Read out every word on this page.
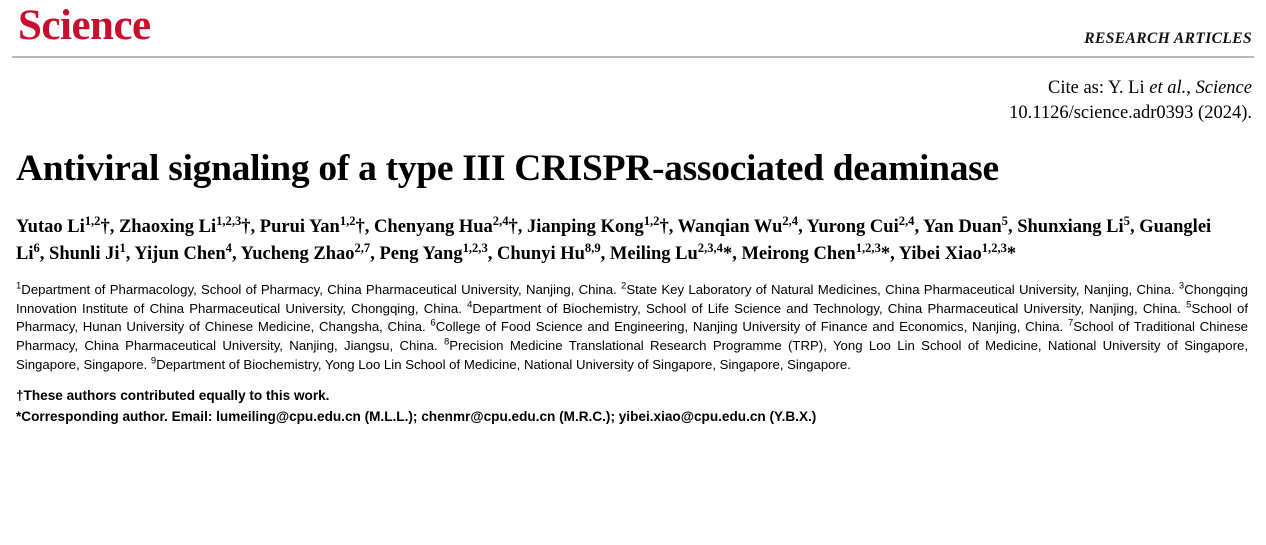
Science	RESEARCH ARTICLES
Cite as: Y. Li et al., Science
10.1126/science.adr0393 (2024).
Antiviral signaling of a type III CRISPR-associated deaminase
Yutao Li$^{1,2}$†, Zhaoxing Li$^{1,2,3}$†, Purui Yan$^{1,2}$†, Chenyang Hua$^{2,4}$†, Jianping Kong$^{1,2}$†, Wanqian Wu$^{2,4}$, Yurong Cui$^{2,4}$, Yan Duan$^5$, Shunxiang Li$^5$, Guanglei Li$^6$, Shunli Ji$^1$, Yijun Chen$^4$, Yucheng Zhao$^{2,7}$, Peng Yang$^{1,2,3}$, Chunyi Hu$^{8,9}$, Meiling Lu$^{2,3,4}$*, Meirong Chen$^{1,2,3}$*, Yibei Xiao$^{1,2,3}$*
$^1$Department of Pharmacology, School of Pharmacy, China Pharmaceutical University, Nanjing, China. $^2$State Key Laboratory of Natural Medicines, China Pharmaceutical University, Nanjing, China. $^3$Chongqing Innovation Institute of China Pharmaceutical University, Chongqing, China. $^4$Department of Biochemistry, School of Life Science and Technology, China Pharmaceutical University, Nanjing, China. $^5$School of Pharmacy, Hunan University of Chinese Medicine, Changsha, China. $^6$College of Food Science and Engineering, Nanjing University of Finance and Economics, Nanjing, China. $^7$School of Traditional Chinese Pharmacy, China Pharmaceutical University, Nanjing, Jiangsu, China. $^8$Precision Medicine Translational Research Programme (TRP), Yong Loo Lin School of Medicine, National University of Singapore, Singapore, Singapore. $^9$Department of Biochemistry, Yong Loo Lin School of Medicine, National University of Singapore, Singapore, Singapore.
†These authors contributed equally to this work.
*Corresponding author. Email: lumeiling@cpu.edu.cn (M.L.L.); chenmr@cpu.edu.cn (M.R.C.); yibei.xiao@cpu.edu.cn (Y.B.X.)
